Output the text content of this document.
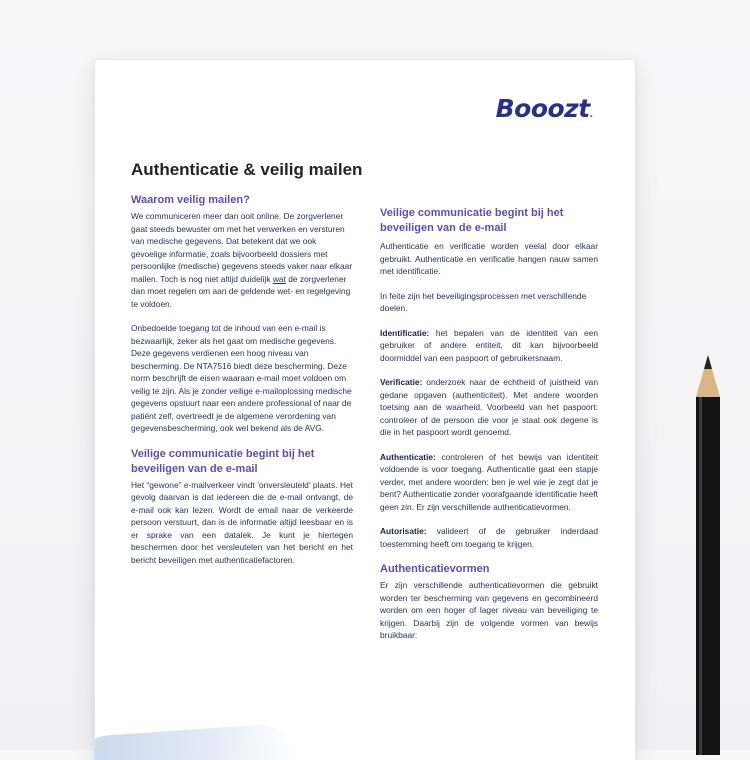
Booozt.
Authenticatie & veilig mailen
Waarom veilig mailen?

We communiceren meer dan ooit online. De zorgverlener gaat steeds bewuster om met het verwerken en versturen van medische gegevens. Dat betekent dat we ook gevoelige informatie, zoals bijvoorbeeld dossiers met persoonlijke (medische) gegevens steeds vaker naar elkaar mailen. Toch is nog niet altijd duidelijk wat de zorgverlener dan moet regelen om aan de geldende wet- en regelgeving te voldoen.

Onbedoelde toegang tot de inhoud van een e-mail is bezwaarlijk, zeker als het gaat om medische gegevens. Deze gegevens verdienen een hoog niveau van bescherming. De NTA7516 biedt deze bescherming. Deze norm beschrijft de eisen waaraan e-mail moet voldoen om veilig te zijn. Als je zonder veilige e-mailoplossing medische gegevens opstuurt naar een andere professional of naar de patiënt zelf, overtreedt je de algemene verordening van gegevensbescherming, ook wel bekend als de AVG.

Veilige communicatie begint bij het beveiligen van de e-mail

Het “gewone” e-mailverkeer vindt ‘onversleuteld’ plaats. Het gevolg daarvan is dat iedereen die de e-mail ontvangt, de e-mail ook kan lezen. Wordt de email naar de verkeerde persoon verstuurt, dan is de informatie altijd leesbaar en is er sprake van een datalek. Je kunt je hiertegen beschermen door het versleutelen van het bericht en het bericht beveiligen met authenticatiefactoren.

Veilige communicatie begint bij het beveiligen van de e-mail

Authenticatie en verificatie worden veelal door elkaar gebruikt. Authenticatie en verificatie hangen nauw samen met identificatie.

In feite zijn het beveiligingsprocessen met verschillende doelen.

Identificatie: het bepalen van de identiteit van een gebruiker of andere entiteit, dit kan bijvoorbeeld doormiddel van een paspoort of gebruikersnaam.

Verificatie: onderzoek naar de echtheid of juistheid van gedane opgaven (authenticiteit). Met andere woorden toetsing aan de waarheid. Voorbeeld van het paspoort: controleer of de persoon die voor je staat ook degene is die in het paspoort wordt genoemd.

Authenticatie: controleren of het bewijs van identiteit voldoende is voor toegang. Authenticatie gaat een stapje verder, met andere woorden: ben je wel wie je zegt dat je bent? Authenticatie zonder voorafgaande identificatie heeft geen zin. Er zijn verschillende authenticatievormen.

Autorisatie: valideert of de gebruiker inderdaad toestemming heeft om toegang te krijgen.

Authenticatievormen

Er zijn verschillende authenticatievormen die gebruikt worden ter bescherming van gegevens en gecombineerd worden om een hoger of lager niveau van beveiliging te krijgen. Daarbij zijn de volgende vormen van bewijs bruikbaar:
